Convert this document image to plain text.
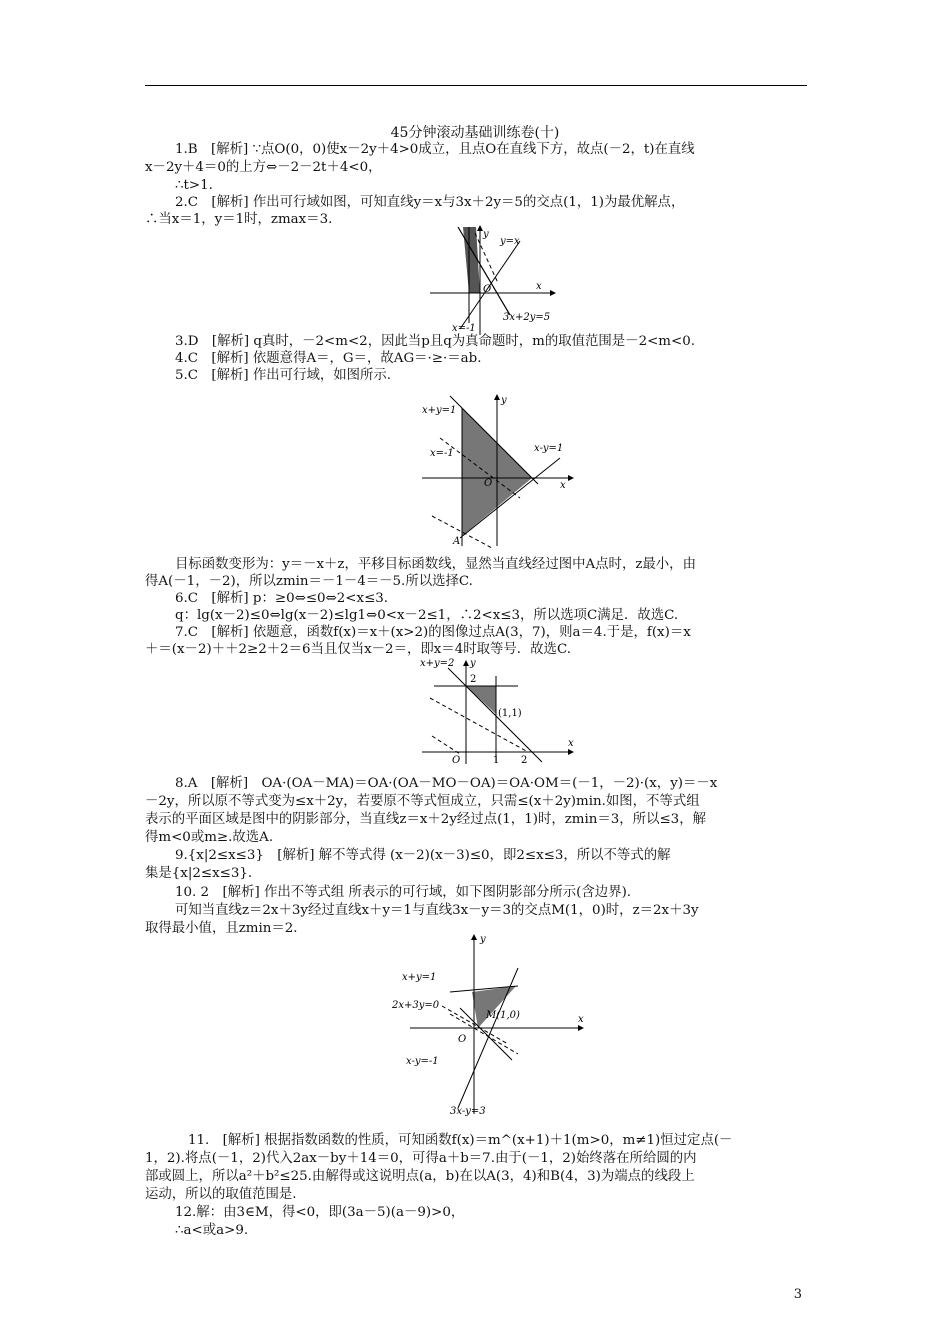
45分钟滚动基础训练卷(十)
1.B　[解析] ∵点O(0，0)使x－2y＋4>0成立，且点O在直线下方，故点(－2，t)在直线
x－2y＋4＝0的上方⇔－2－2t＋4<0，
∴t>1.
2.C　[解析] 作出可行域如图，可知直线y＝x与3x＋2y＝5的交点(1，1)为最优解点，
∴当x＝1，y＝1时，zmax＝3.
y
y=x
O	x
x=-1
3x+2y=5
3.D　[解析] q真时，－2<m<2，因此当p且q为真命题时，m的取值范围是－2<m<0.
4.C　[解析] 依题意得A＝，G＝，故AG＝·≥·＝ab.
5.C　[解析] 作出可行域，如图所示.
x+y=1
y
x=-1	x-y=1
O	x
A
目标函数变形为：y＝－x＋z，平移目标函数线，显然当直线经过图中A点时，z最小，由
得A(－1，－2)，所以zmin＝－1－4＝－5.所以选择C.
6.C　[解析] p：≥0⇔≤0⇔2<x≤3.
q：lg(x－2)≤0⇔lg(x－2)≤lg1⇔0<x－2≤1，∴2<x≤3，所以选项C满足．故选C.
7.C　[解析] 依题意，函数f(x)＝x＋(x>2)的图像过点A(3，7)，则a＝4.于是，f(x)＝x
＋＝(x－2)＋＋2≥2＋2＝6当且仅当x－2＝，即x＝4时取等号．故选C.
x+y=2 y
2
(1,1)
O	1 2
x
8.A　[解析]　OA·(OA－MA)＝OA·(OA－MO－OA)＝OA·OM＝(－1，－2)·(x，y)＝－x
－2y，所以原不等式变为≤x＋2y，若要原不等式恒成立，只需≤(x＋2y)min.如图，不等式组
表示的平面区域是图中的阴影部分，当直线z＝x＋2y经过点(1，1)时，zmin＝3，所以≤3，解
得m<0或m≥.故选A.
9.{x|2≤x≤3}　[解析] 解不等式得 (x－2)(x－3)≤0，即2≤x≤3，所以不等式的解
集是{x|2≤x≤3}.
10. 2　[解析] 作出不等式组 所表示的可行域，如下图阴影部分所示(含边界).
可知当直线z＝2x＋3y经过直线x＋y＝1与直线3x－y＝3的交点M(1，0)时，z＝2x＋3y
取得最小值，且zmin＝2.
y
x+y=1
2x+3y=0
M(1,0)
O
x
x-y=-1
3x-y=3
11.　[解析] 根据指数函数的性质，可知函数f(x)＝m^(x+1)＋1(m>0，m≠1)恒过定点(－
1，2).将点(－1，2)代入2ax－by＋14＝0，可得a＋b＝7.由于(－1，2)始终落在所给圆的内
部或圆上，所以a²＋b²≤25.由解得或这说明点(a，b)在以A(3，4)和B(4，3)为端点的线段上
运动，所以的取值范围是.
12.解：由3∈M，得<0，即(3a－5)(a－9)>0，
∴a<或a>9.
3
